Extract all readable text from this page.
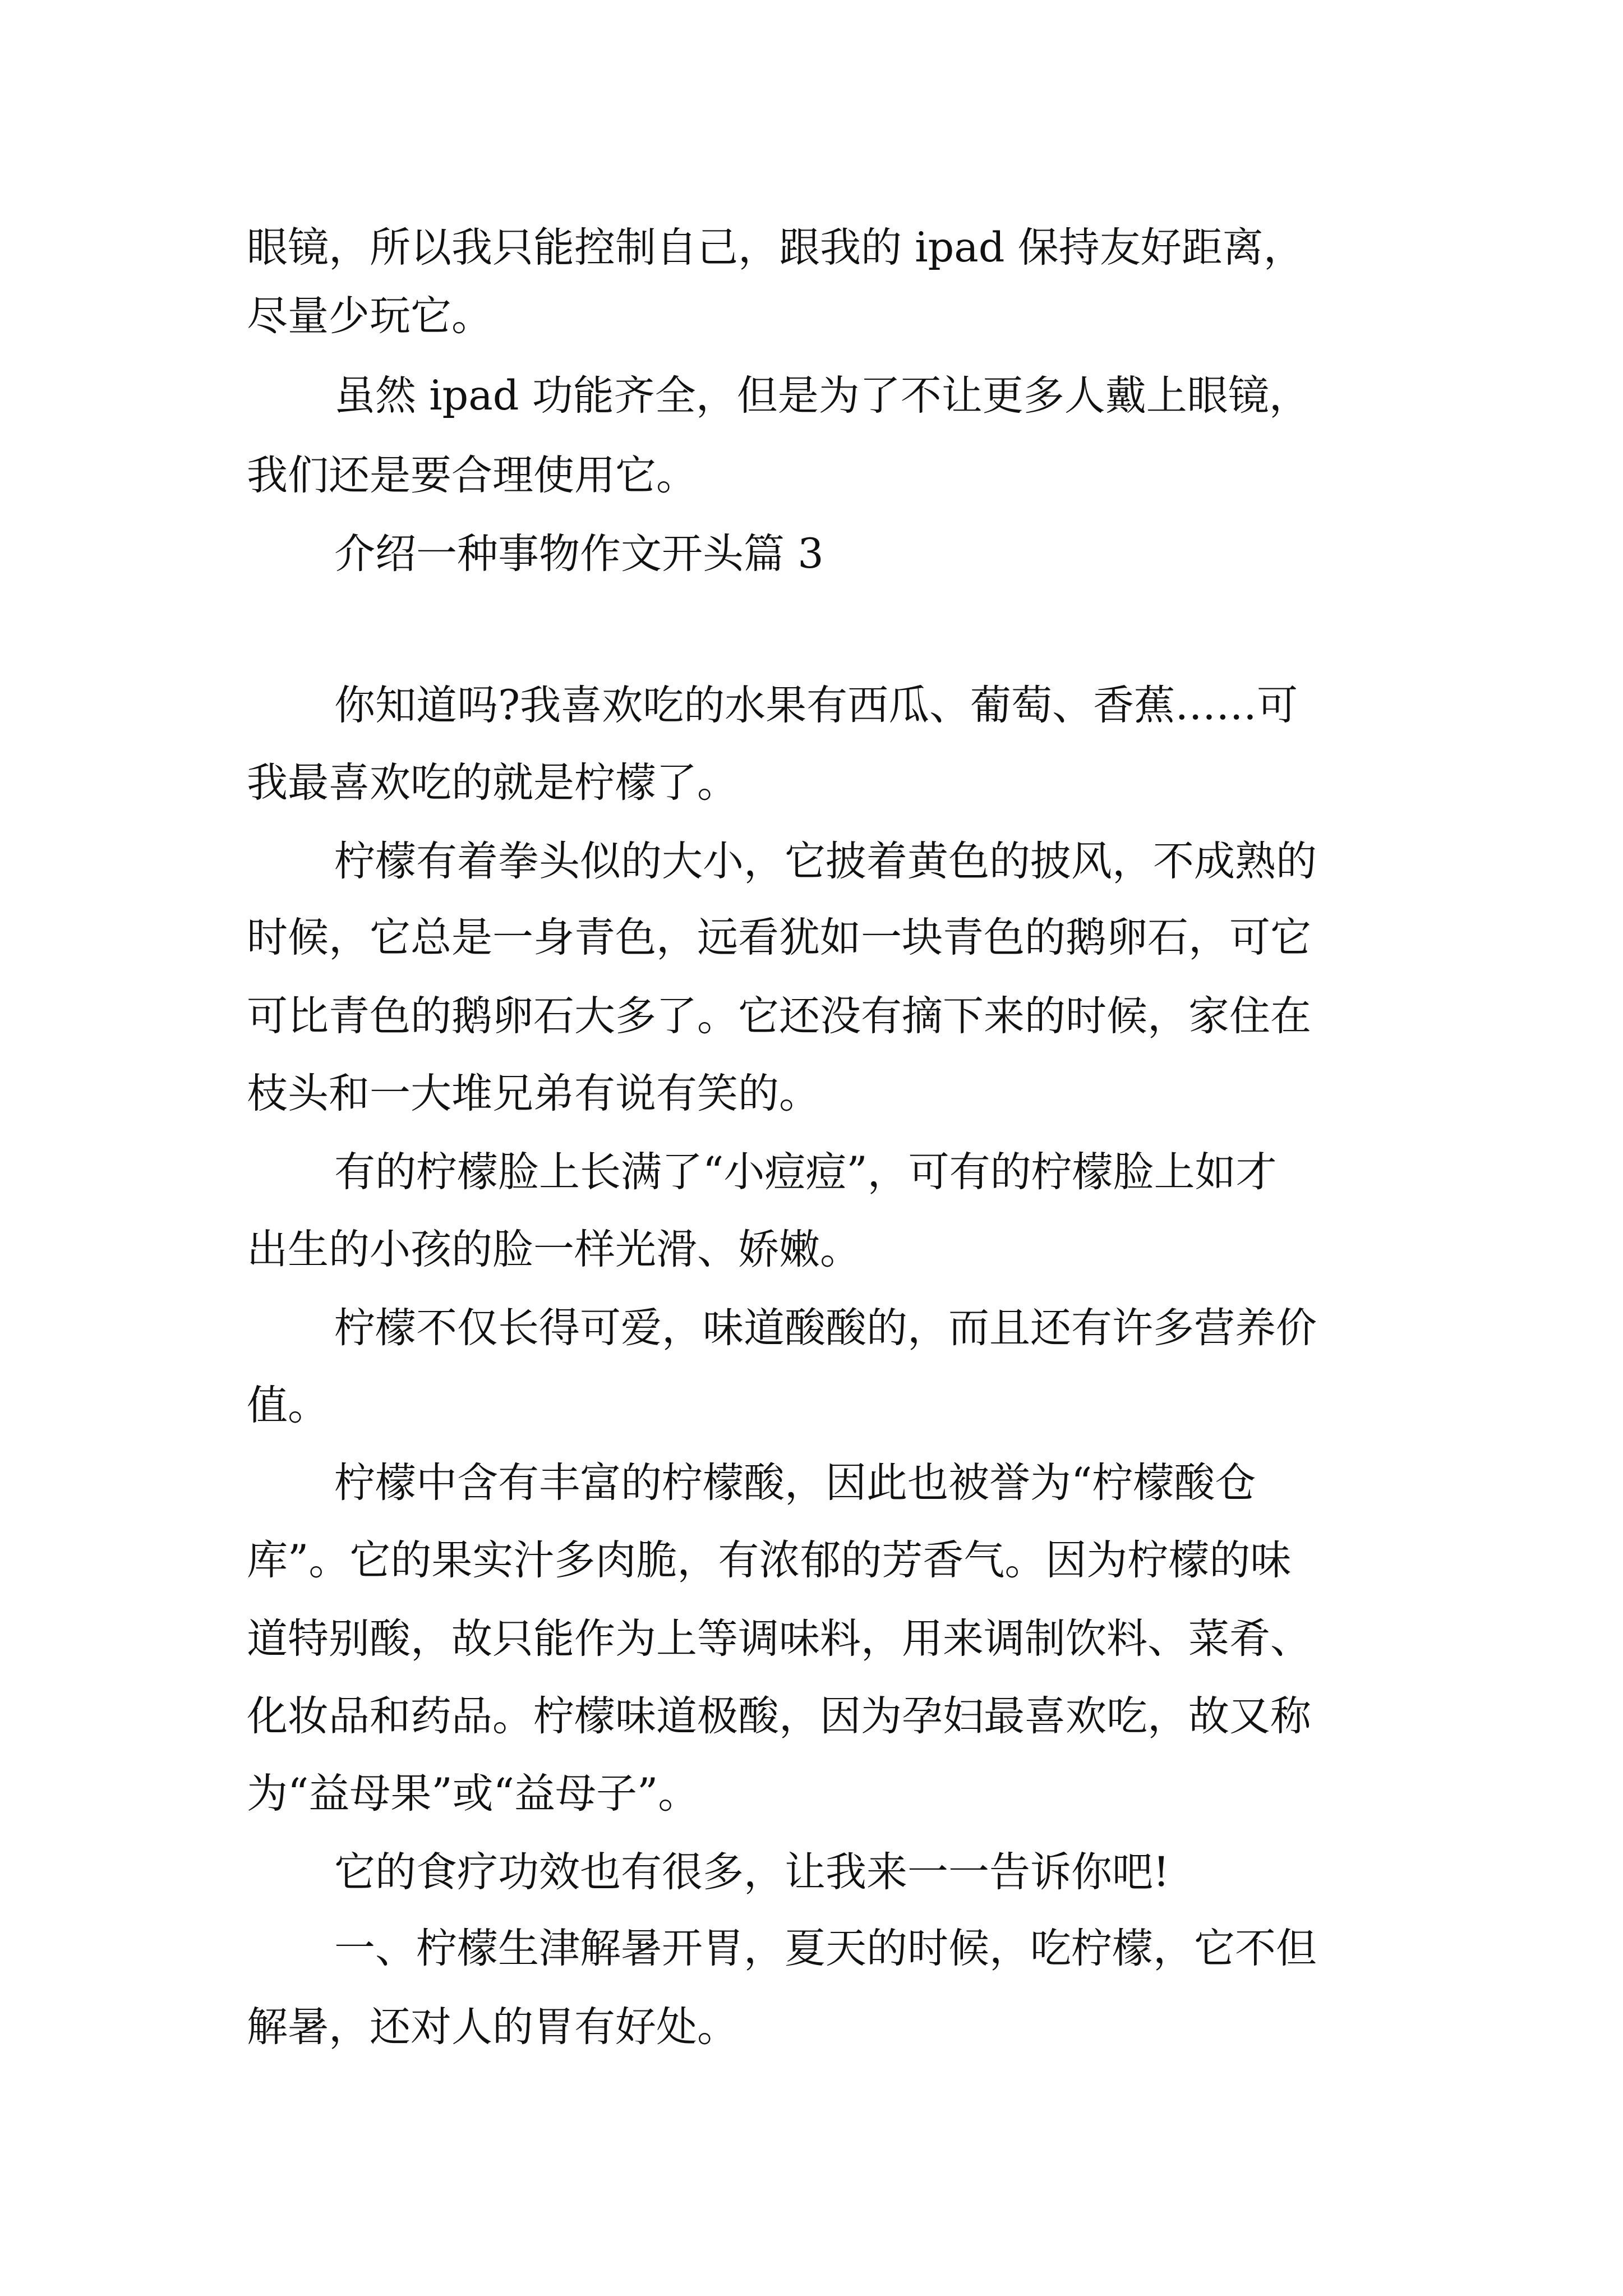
眼镜，所以我只能控制自己，跟我的 ipad 保持友好距离，
尽量少玩它。
虽然 ipad 功能齐全，但是为了不让更多人戴上眼镜，
我们还是要合理使用它。
介绍一种事物作文开头篇 3
你知道吗?我喜欢吃的水果有西瓜、葡萄、香蕉……可
我最喜欢吃的就是柠檬了。
柠檬有着拳头似的大小，它披着黄色的披风，不成熟的
时候，它总是一身青色，远看犹如一块青色的鹅卵石，可它
可比青色的鹅卵石大多了。它还没有摘下来的时候，家住在
枝头和一大堆兄弟有说有笑的。
有的柠檬脸上长满了“小痘痘”，可有的柠檬脸上如才
出生的小孩的脸一样光滑、娇嫩。
柠檬不仅长得可爱，味道酸酸的，而且还有许多营养价
值。
柠檬中含有丰富的柠檬酸，因此也被誉为“柠檬酸仓
库”。它的果实汁多肉脆，有浓郁的芳香气。因为柠檬的味
道特别酸，故只能作为上等调味料，用来调制饮料、菜肴、
化妆品和药品。柠檬味道极酸，因为孕妇最喜欢吃，故又称
为“益母果”或“益母子”。
它的食疗功效也有很多，让我来一一告诉你吧!
一、柠檬生津解暑开胃，夏天的时候，吃柠檬，它不但
解暑，还对人的胃有好处。
